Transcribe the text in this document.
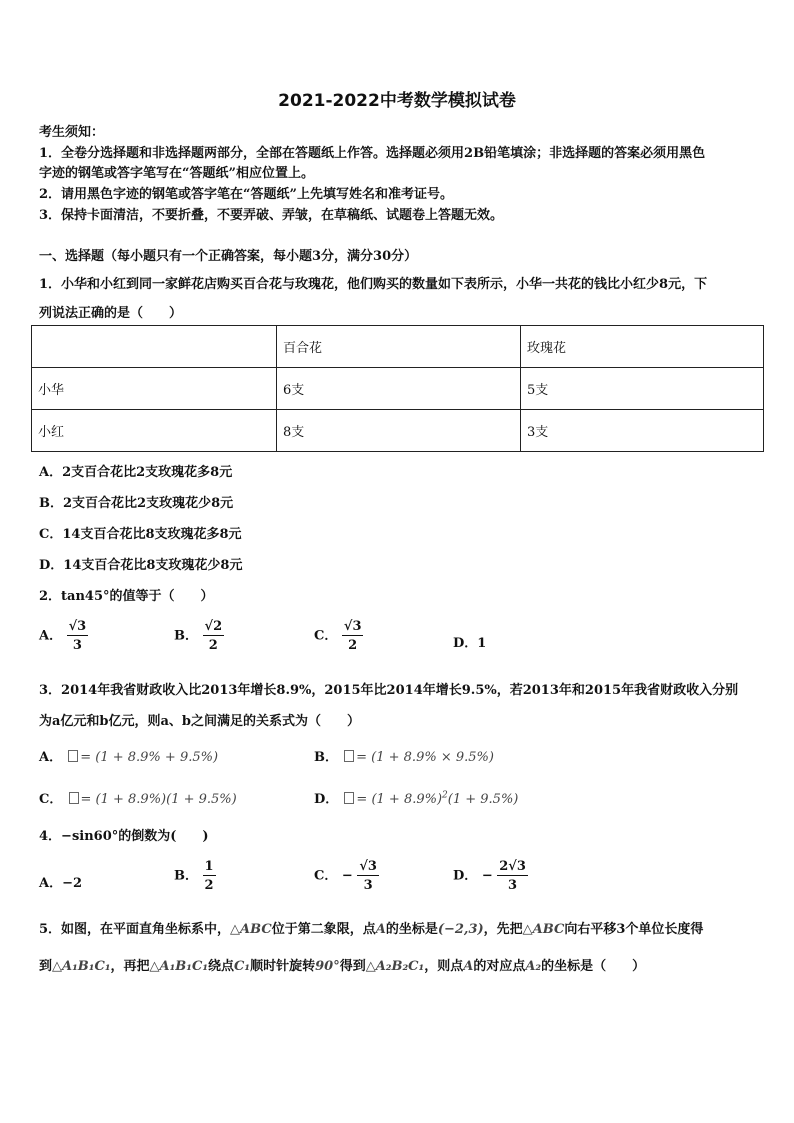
2021-2022中考数学模拟试卷
考生须知：
1．全卷分选择题和非选择题两部分，全部在答题纸上作答。选择题必须用2B铅笔填涂；非选择题的答案必须用黑色
字迹的钢笔或答字笔写在“答题纸”相应位置上。
2．请用黑色字迹的钢笔或答字笔在“答题纸”上先填写姓名和准考证号。
3．保持卡面清洁，不要折叠，不要弄破、弄皱，在草稿纸、试题卷上答题无效。
一、选择题（每小题只有一个正确答案，每小题3分，满分30分）
1．小华和小红到同一家鲜花店购买百合花与玫瑰花，他们购买的数量如下表所示，小华一共花的钱比小红少8元，下
列说法正确的是（　　）
	百合花	玫瑰花
小华	6支	5支
小红	8支	3支
A．2支百合花比2支玫瑰花多8元
B．2支百合花比2支玫瑰花少8元
C．14支百合花比8支玫瑰花多8元
D．14支百合花比8支玫瑰花少8元
2．tan45°的值等于（　　）
A． $\frac{√3}{3}$	B． $\frac{√2}{2}$	C． $\frac{√3}{2}$	D．1
3．2014年我省财政收入比2013年增长8.9%，2015年比2014年增长9.5%，若2013年和2015年我省财政收入分别
为a亿元和b亿元，则a、b之间满足的关系式为（　　）
A． = (1 + 8.9% + 9.5%)	B． = (1 + 8.9% × 9.5%)
C． = (1 + 8.9%)(1 + 9.5%)	D． = $(1 + 8.9\%)^2(1 + 9.5\%)$
4．−sin60°的倒数为(　　)
A．−2	B． $\frac{1}{2}$	C． − $\frac{√3}{3}$	D． − $\frac{2√3}{3}$
5．如图，在平面直角坐标系中，△ABC位于第二象限，点A的坐标是(−2,3)，先把△ABC向右平移3个单位长度得
到△A₁B₁C₁，再把△A₁B₁C₁绕点C₁顺时针旋转90°得到△A₂B₂C₁，则点A的对应点A₂的坐标是（　　）
